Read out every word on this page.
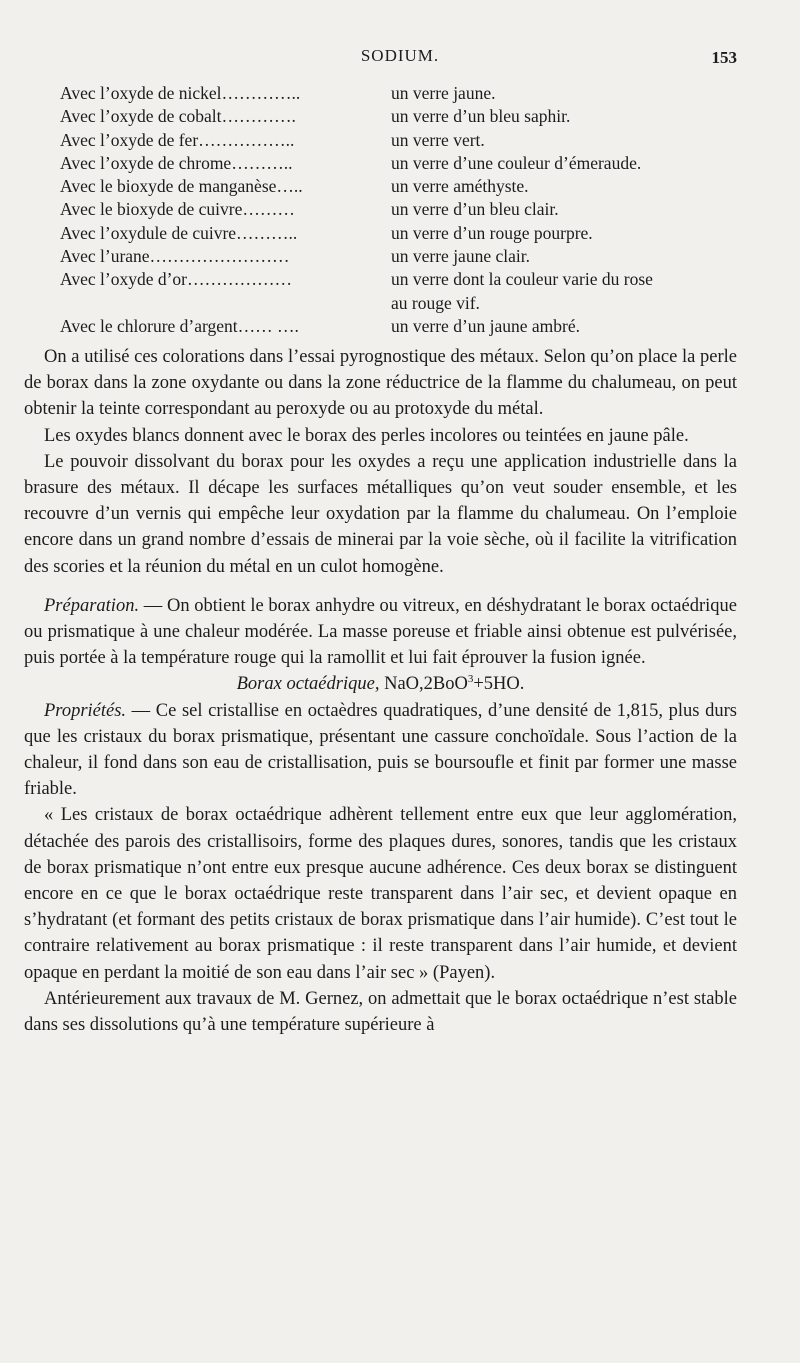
SODIUM.	153
Avec l’oxyde de nickel…………..	un verre jaune.
Avec l’oxyde de cobalt………….	un verre d’un bleu saphir.
Avec l’oxyde de fer……………..	un verre vert.
Avec l’oxyde de chrome………..	un verre d’une couleur d’émeraude.
Avec le bioxyde de manganèse…..	un verre améthyste.
Avec le bioxyde de cuivre………	un verre d’un bleu clair.
Avec l’oxydule de cuivre………..	un verre d’un rouge pourpre.
Avec l’urane……………………	un verre jaune clair.
Avec l’oxyde d’or………………	un verre dont la couleur varie du rose
au rouge vif.
Avec le chlorure d’argent…… ….	un verre d’un jaune ambré.

On a utilisé ces colorations dans l’essai pyrognostique des métaux. Selon qu’on place la perle de borax dans la zone oxydante ou dans la zone réductrice de la flamme du chalumeau, on peut obtenir la teinte correspondant au peroxyde ou au protoxyde du métal.

Les oxydes blancs donnent avec le borax des perles incolores ou teintées en jaune pâle.

Le pouvoir dissolvant du borax pour les oxydes a reçu une application industrielle dans la brasure des métaux. Il décape les surfaces métalliques qu’on veut souder ensemble, et les recouvre d’un vernis qui empêche leur oxydation par la flamme du chalumeau. On l’emploie encore dans un grand nombre d’essais de minerai par la voie sèche, où il facilite la vitrification des scories et la réunion du métal en un culot homogène.

Préparation. — On obtient le borax anhydre ou vitreux, en déshydratant le borax octaédrique ou prismatique à une chaleur modérée. La masse poreuse et friable ainsi obtenue est pulvérisée, puis portée à la température rouge qui la ramollit et lui fait éprouver la fusion ignée.

Borax octaédrique, NaO,2BoO$^3$+5HO.

Propriétés. — Ce sel cristallise en octaèdres quadratiques, d’une densité de 1,815, plus durs que les cristaux du borax prismatique, présentant une cassure conchoïdale. Sous l’action de la chaleur, il fond dans son eau de cristallisation, puis se boursoufle et finit par former une masse friable.

« Les cristaux de borax octaédrique adhèrent tellement entre eux que leur agglomération, détachée des parois des cristallisoirs, forme des plaques dures, sonores, tandis que les cristaux de borax prismatique n’ont entre eux presque aucune adhérence. Ces deux borax se distinguent encore en ce que le borax octaédrique reste transparent dans l’air sec, et devient opaque en s’hydratant (et formant des petits cristaux de borax prismatique dans l’air humide). C’est tout le contraire relativement au borax prismatique : il reste transparent dans l’air humide, et devient opaque en perdant la moitié de son eau dans l’air sec » (Payen).

Antérieurement aux travaux de M. Gernez, on admettait que le borax octaédrique n’est stable dans ses dissolutions qu’à une température supérieure à
